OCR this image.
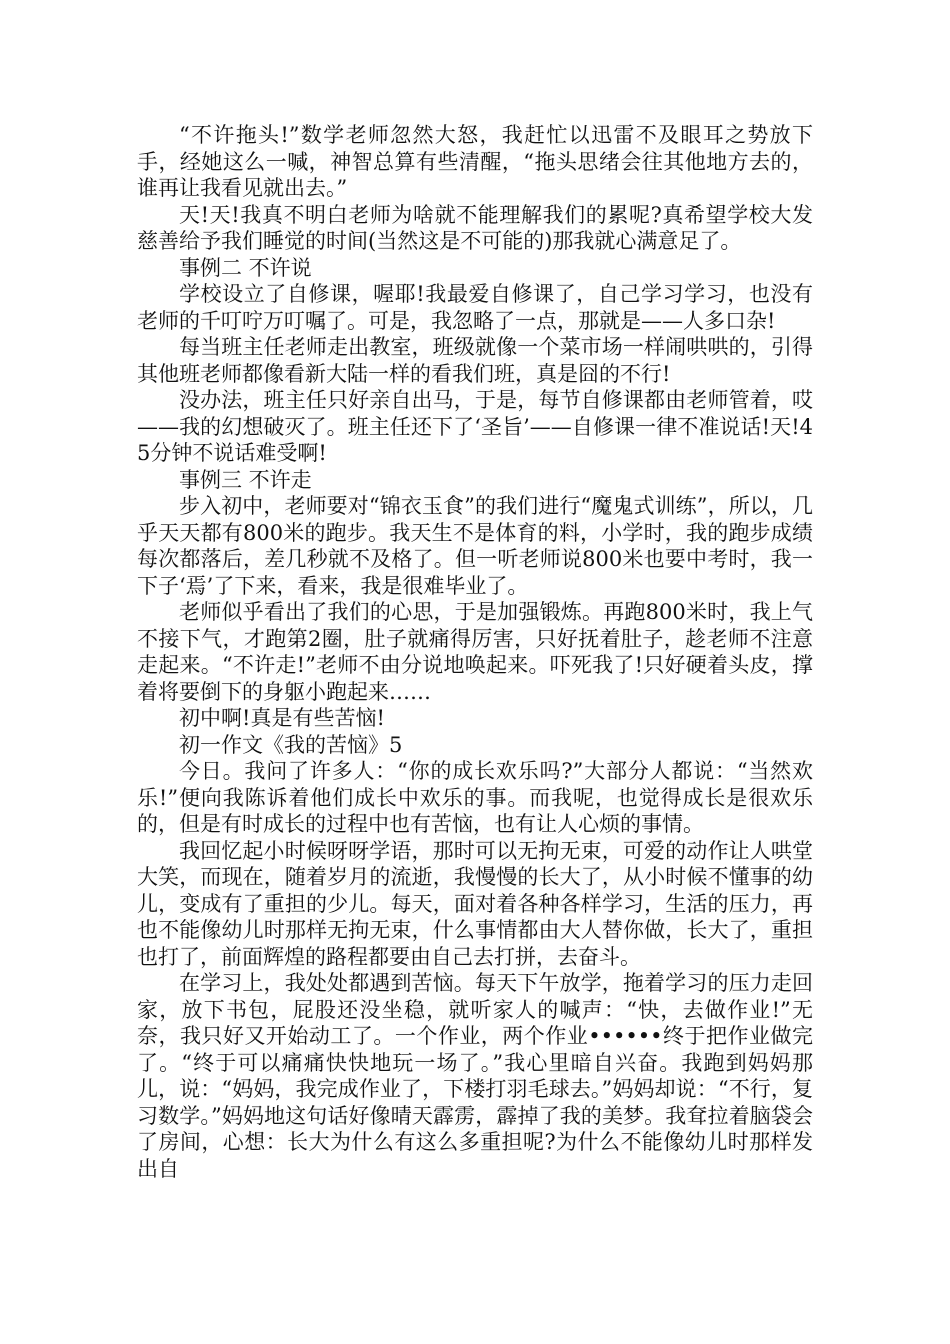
“不许拖头!”数学老师忽然大怒，我赶忙以迅雷不及眼耳之势放下手，经她这么一喊，神智总算有些清醒，“拖头思绪会往其他地方去的，谁再让我看见就出去。”

天!天!我真不明白老师为啥就不能理解我们的累呢?真希望学校大发慈善给予我们睡觉的时间(当然这是不可能的)那我就心满意足了。

事例二 不许说

学校设立了自修课，喔耶!我最爱自修课了，自己学习学习，也没有老师的千叮咛万叮嘱了。可是，我忽略了一点，那就是——人多口杂!

每当班主任老师走出教室，班级就像一个菜市场一样闹哄哄的，引得其他班老师都像看新大陆一样的看我们班，真是囧的不行!

没办法，班主任只好亲自出马，于是，每节自修课都由老师管着，哎——我的幻想破灭了。班主任还下了‘圣旨’——自修课一律不准说话!天!45分钟不说话难受啊!

事例三 不许走

步入初中，老师要对“锦衣玉食”的我们进行“魔鬼式训练”，所以，几乎天天都有800米的跑步。我天生不是体育的料，小学时，我的跑步成绩每次都落后，差几秒就不及格了。但一听老师说800米也要中考时，我一下子‘焉’了下来，看来，我是很难毕业了。

老师似乎看出了我们的心思，于是加强锻炼。再跑800米时，我上气不接下气，才跑第2圈，肚子就痛得厉害，只好抚着肚子，趁老师不注意走起来。“不许走!”老师不由分说地唤起来。吓死我了!只好硬着头皮，撑着将要倒下的身躯小跑起来……

初中啊!真是有些苦恼!

初一作文《我的苦恼》5

今日。我问了许多人：“你的成长欢乐吗?”大部分人都说：“当然欢乐!”便向我陈诉着他们成长中欢乐的事。而我呢，也觉得成长是很欢乐的，但是有时成长的过程中也有苦恼，也有让人心烦的事情。

我回忆起小时候呀呀学语，那时可以无拘无束，可爱的动作让人哄堂大笑，而现在，随着岁月的流逝，我慢慢的长大了，从小时候不懂事的幼儿，变成有了重担的少儿。每天，面对着各种各样学习，生活的压力，再也不能像幼儿时那样无拘无束，什么事情都由大人替你做，长大了，重担也打了，前面辉煌的路程都要由自己去打拼，去奋斗。

在学习上，我处处都遇到苦恼。每天下午放学，拖着学习的压力走回家，放下书包，屁股还没坐稳，就听家人的喊声：“快，去做作业!”无奈，我只好又开始动工了。一个作业，两个作业••••••终于把作业做完了。“终于可以痛痛快快地玩一场了。”我心里暗自兴奋。我跑到妈妈那儿，说：“妈妈，我完成作业了，下楼打羽毛球去。”妈妈却说：“不行，复习数学。”妈妈地这句话好像晴天霹雳，霹掉了我的美梦。我耷拉着脑袋会了房间，心想：长大为什么有这么多重担呢?为什么不能像幼儿时那样发出自
